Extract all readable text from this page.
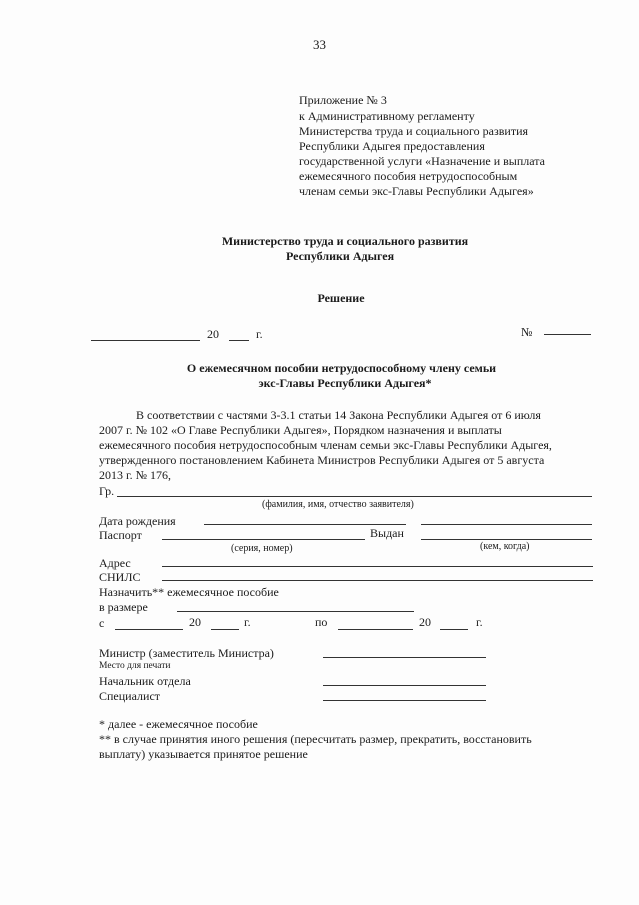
33
Приложение № 3
к Административному регламенту
Министерства труда и социального развития
Республики Адыгея предоставления
государственной услуги «Назначение и выплата
ежемесячного пособия нетрудоспособным
членам семьи экс-Главы Республики Адыгея»
Министерство труда и социального развития
Республики Адыгея
Решение
20	г.	№
О ежемесячном пособии нетрудоспособному члену семьи
экс-Главы Республики Адыгея*
В соответствии с частями 3-3.1 статьи 14 Закона Республики Адыгея от 6 июля
2007 г. № 102 «О Главе Республики Адыгея», Порядком назначения и выплаты
ежемесячного пособия нетрудоспособным членам семьи экс-Главы Республики Адыгея,
утвержденного постановлением Кабинета Министров Республики Адыгея от 5 августа
2013 г. № 176,
Гр.
(фамилия, имя, отчество заявителя)
Дата рождения
Паспорт	Выдан
(серия, номер)	(кем, когда)
Адрес
СНИЛС
Назначить** ежемесячное пособие
в размере
с	20	г.	по	20	г.
Министр (заместитель Министра)
Место для печати
Начальник отдела
Специалист
* далее - ежемесячное пособие
** в случае принятия иного решения (пересчитать размер, прекратить, восстановить
выплату) указывается принятое решение
